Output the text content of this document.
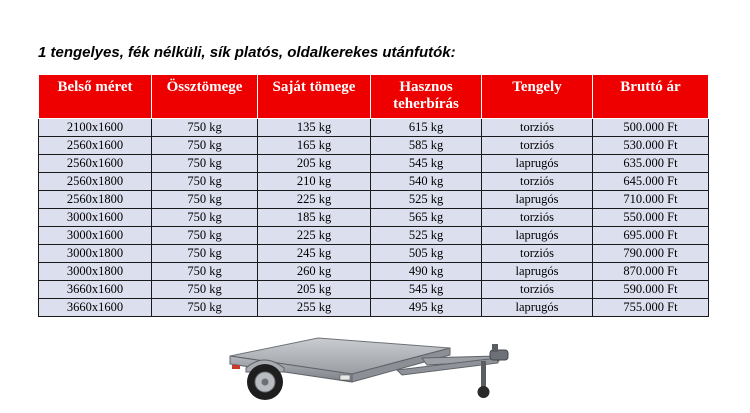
1 tengelyes, fék nélküli, sík platós, oldalkerekes utánfutók:
Belső méret	Össztömege	Saját tömege	Hasznos teherbírás	Tengely	Bruttó ár
2100x1600	750 kg	135 kg	615 kg	torziós	500.000 Ft
2560x1600	750 kg	165 kg	585 kg	torziós	530.000 Ft
2560x1600	750 kg	205 kg	545 kg	laprugós	635.000 Ft
2560x1800	750 kg	210 kg	540 kg	torziós	645.000 Ft
2560x1800	750 kg	225 kg	525 kg	laprugós	710.000 Ft
3000x1600	750 kg	185 kg	565 kg	torziós	550.000 Ft
3000x1600	750 kg	225 kg	525 kg	laprugós	695.000 Ft
3000x1800	750 kg	245 kg	505 kg	torziós	790.000 Ft
3000x1800	750 kg	260 kg	490 kg	laprugós	870.000 Ft
3660x1600	750 kg	205 kg	545 kg	torziós	590.000 Ft
3660x1600	750 kg	255 kg	495 kg	laprugós	755.000 Ft
